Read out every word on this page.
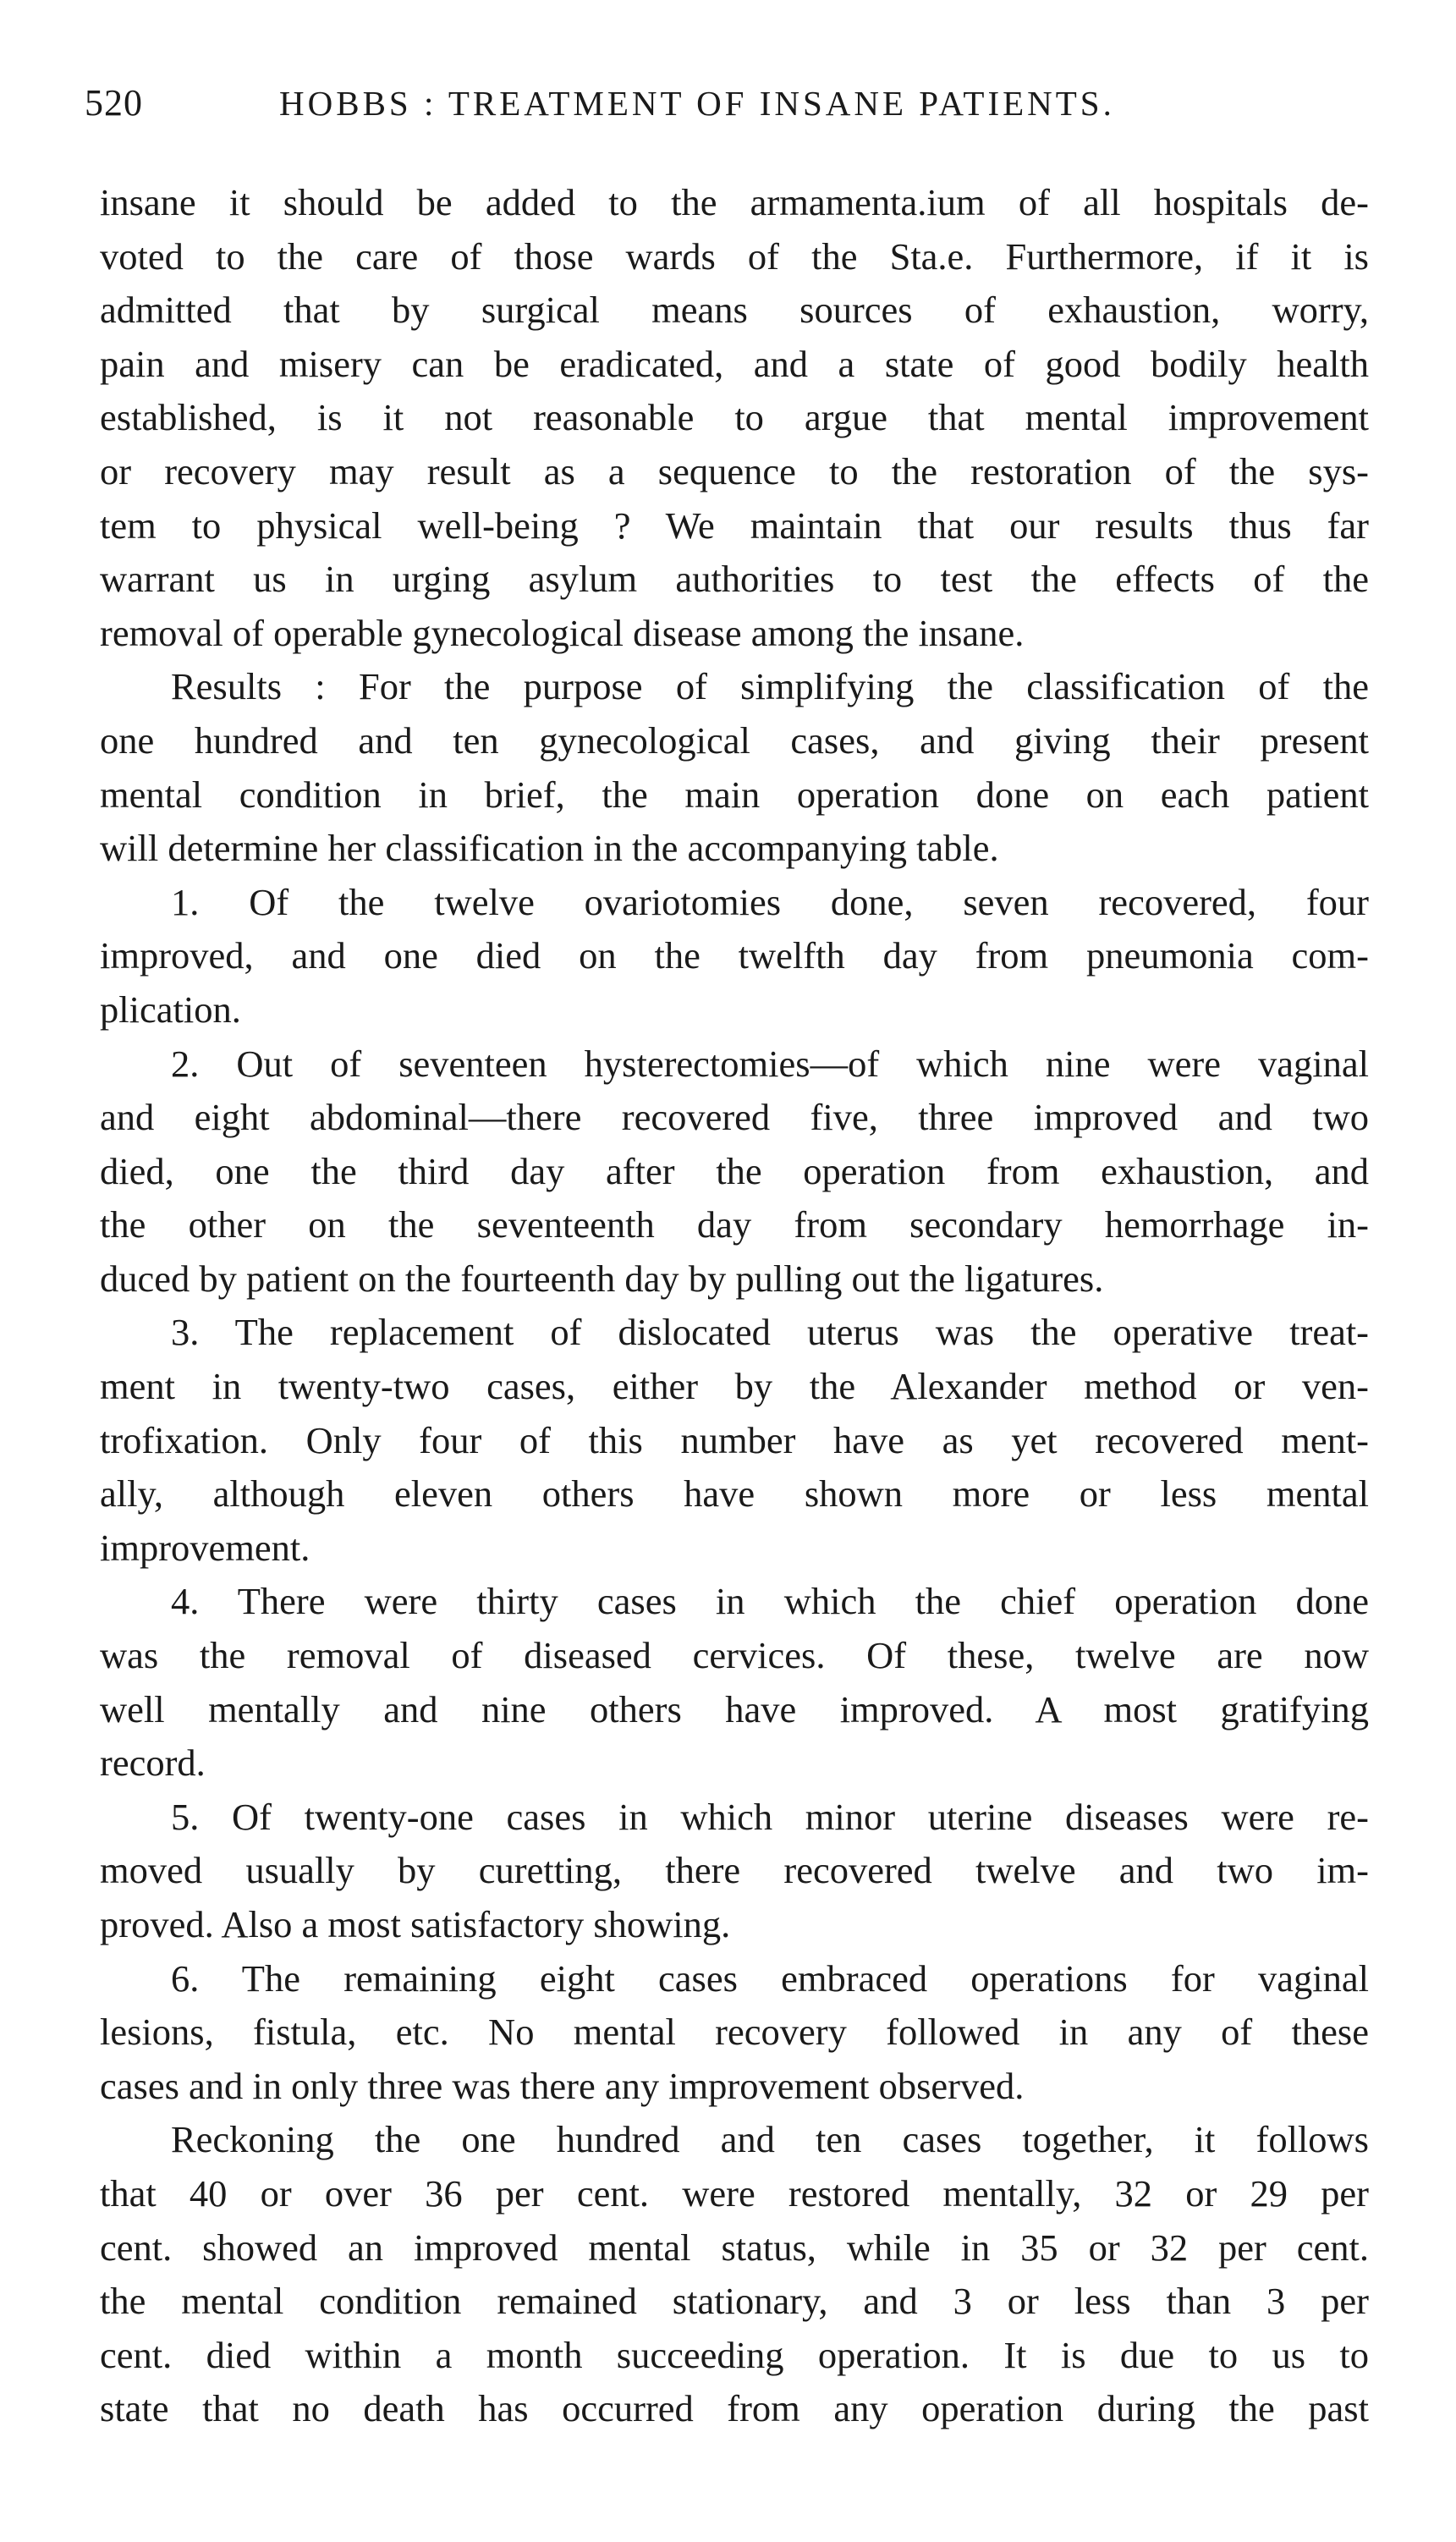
520	HOBBS : TREATMENT OF INSANE PATIENTS.
insane it should be added to the armamenta.ium of all hospitals de-
voted to the care of those wards of the Sta.e. Furthermore, if it is
admitted that by surgical means sources of exhaustion, worry,
pain and misery can be eradicated, and a state of good bodily health
established, is it not reasonable to argue that mental improvement
or recovery may result as a sequence to the restoration of the sys-
tem to physical well-being ? We maintain that our results thus far
warrant us in urging asylum authorities to test the effects of the
removal of operable gynecological disease among the insane.
Results : For the purpose of simplifying the classification of the
one hundred and ten gynecological cases, and giving their present
mental condition in brief, the main operation done on each patient
will determine her classification in the accompanying table.
1. Of the twelve ovariotomies done, seven recovered, four
improved, and one died on the twelfth day from pneumonia com-
plication.
2. Out of seventeen hysterectomies—of which nine were vaginal
and eight abdominal—there recovered five, three improved and two
died, one the third day after the operation from exhaustion, and
the other on the seventeenth day from secondary hemorrhage in-
duced by patient on the fourteenth day by pulling out the ligatures.
3. The replacement of dislocated uterus was the operative treat-
ment in twenty-two cases, either by the Alexander method or ven-
trofixation. Only four of this number have as yet recovered ment-
ally, although eleven others have shown more or less mental
improvement.
4. There were thirty cases in which the chief operation done
was the removal of diseased cervices. Of these, twelve are now
well mentally and nine others have improved. A most gratifying
record.
5. Of twenty-one cases in which minor uterine diseases were re-
moved usually by curetting, there recovered twelve and two im-
proved. Also a most satisfactory showing.
6. The remaining eight cases embraced operations for vaginal
lesions, fistula, etc. No mental recovery followed in any of these
cases and in only three was there any improvement observed.
Reckoning the one hundred and ten cases together, it follows
that 40 or over 36 per cent. were restored mentally, 32 or 29 per
cent. showed an improved mental status, while in 35 or 32 per cent.
the mental condition remained stationary, and 3 or less than 3 per
cent. died within a month succeeding operation. It is due to us to
state that no death has occurred from any operation during the past
